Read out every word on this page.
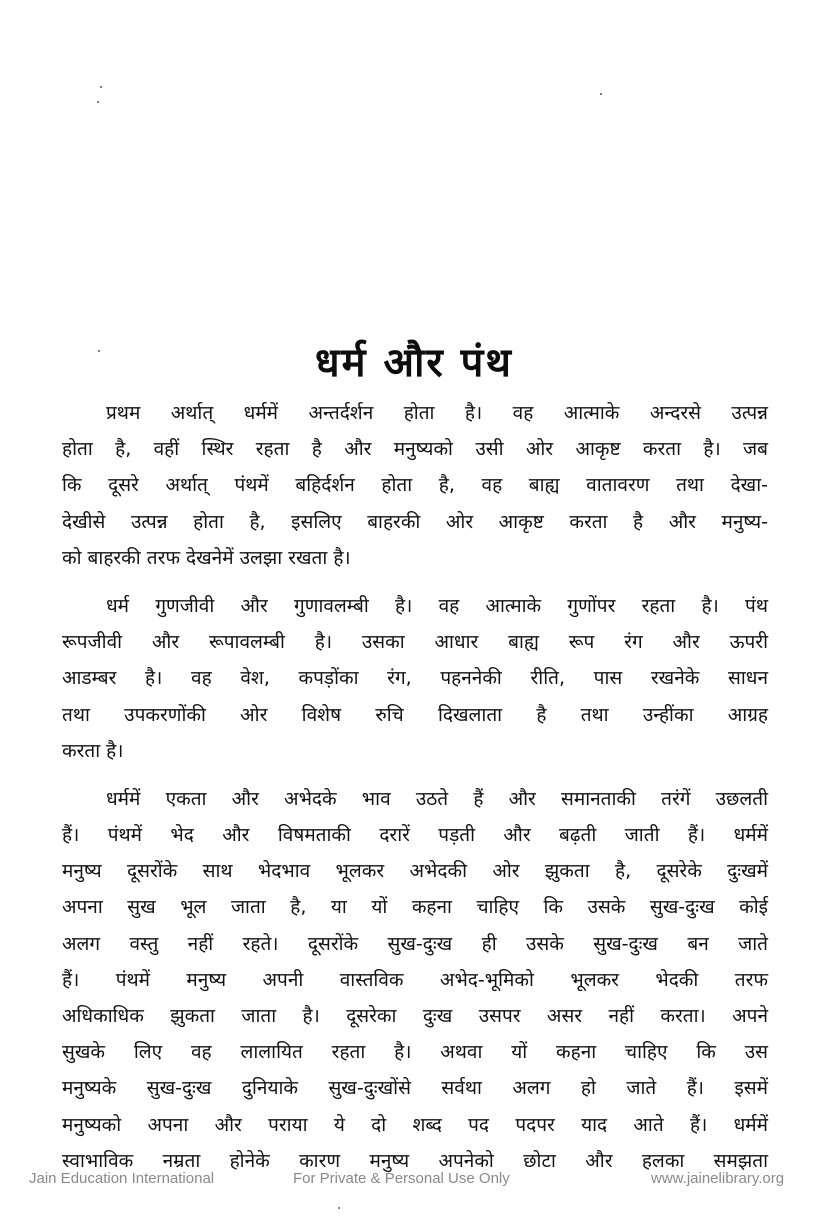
धर्म और पंथ

प्रथम अर्थात् धर्ममें अन्तर्दर्शन होता है। वह आत्माके अन्दरसे उत्पन्न
होता है, वहीं स्थिर रहता है और मनुष्यको उसी ओर आकृष्ट करता है। जब
कि दूसरे अर्थात् पंथमें बहिर्दर्शन होता है, वह बाह्य वातावरण तथा देखा-
देखीसे उत्पन्न होता है, इसलिए बाहरकी ओर आकृष्ट करता है और मनुष्य-
को बाहरकी तरफ देखनेमें उलझा रखता है।

धर्म गुणजीवी और गुणावलम्बी है। वह आत्माके गुणोंपर रहता है। पंथ
रूपजीवी और रूपावलम्बी है। उसका आधार बाह्य रूप रंग और ऊपरी
आडम्बर है। वह वेश, कपड़ोंका रंग, पहननेकी रीति, पास रखनेके साधन
तथा उपकरणोंकी ओर विशेष रुचि दिखलाता है तथा उन्हींका आग्रह
करता है।

धर्ममें एकता और अभेदके भाव उठते हैं और समानताकी तरंगें उछलती
हैं। पंथमें भेद और विषमताकी दरारें पड़ती और बढ़ती जाती हैं। धर्ममें
मनुष्य दूसरोंके साथ भेदभाव भूलकर अभेदकी ओर झुकता है, दूसरेके दुःखमें
अपना सुख भूल जाता है, या यों कहना चाहिए कि उसके सुख-दुःख कोई
अलग वस्तु नहीं रहते। दूसरोंके सुख-दुःख ही उसके सुख-दुःख बन जाते
हैं। पंथमें मनुष्य अपनी वास्तविक अभेद-भूमिको भूलकर भेदकी तरफ
अधिकाधिक झुकता जाता है। दूसरेका दुःख उसपर असर नहीं करता। अपने
सुखके लिए वह लालायित रहता है। अथवा यों कहना चाहिए कि उस
मनुष्यके सुख-दुःख दुनियाके सुख-दुःखोंसे सर्वथा अलग हो जाते हैं। इसमें
मनुष्यको अपना और पराया ये दो शब्द पद पदपर याद आते हैं। धर्ममें
स्वाभाविक नम्रता होनेके कारण मनुष्य अपनेको छोटा और हलका समझता

Jain Education International	For Private & Personal Use Only	www.jainelibrary.org
